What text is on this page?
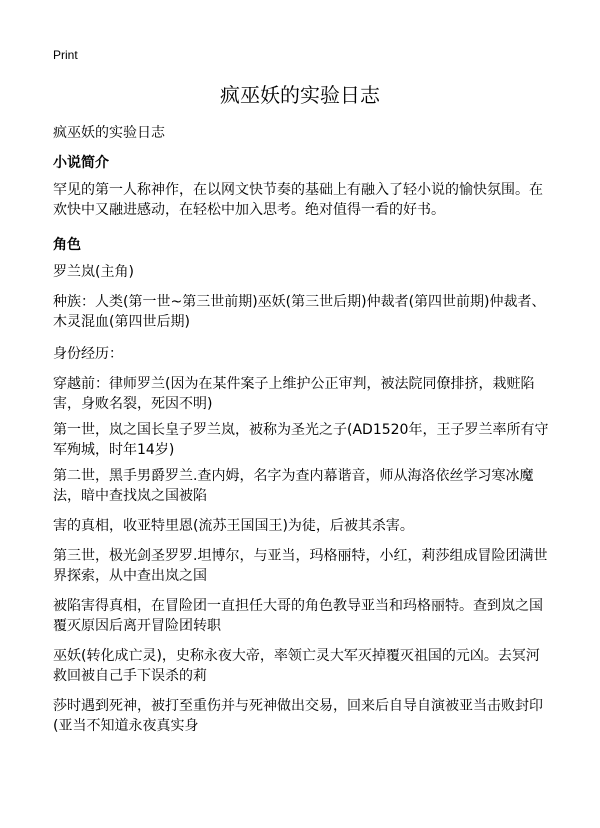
Print
疯巫妖的实验日志
疯巫妖的实验日志
小说简介
罕见的第一人称神作，在以网文快节奏的基础上有融入了轻小说的愉快氛围。在欢快中又融进感动，在轻松中加入思考。绝对值得一看的好书。
角色
罗兰岚(主角)
种族：人类(第一世~第三世前期)巫妖(第三世后期)仲裁者(第四世前期)仲裁者、木灵混血(第四世后期)
身份经历：
穿越前：律师罗兰(因为在某件案子上维护公正审判，被法院同僚排挤，栽赃陷害，身败名裂，死因不明)
第一世，岚之国长皇子罗兰岚，被称为圣光之子(AD1520年，王子罗兰率所有守军殉城，时年14岁)
第二世，黑手男爵罗兰.查内姆，名字为查内幕谐音，师从海洛依丝学习寒冰魔法，暗中查找岚之国被陷
害的真相，收亚特里恩(流苏王国国王)为徒，后被其杀害。
第三世，极光剑圣罗罗.坦博尔，与亚当，玛格丽特，小红，莉莎组成冒险团满世界探索，从中查出岚之国
被陷害得真相，在冒险团一直担任大哥的角色教导亚当和玛格丽特。查到岚之国覆灭原因后离开冒险团转职
巫妖(转化成亡灵)，史称永夜大帝，率领亡灵大军灭掉覆灭祖国的元凶。去冥河救回被自己手下误杀的莉
莎时遇到死神，被打至重伤并与死神做出交易，回来后自导自演被亚当击败封印(亚当不知道永夜真实身
